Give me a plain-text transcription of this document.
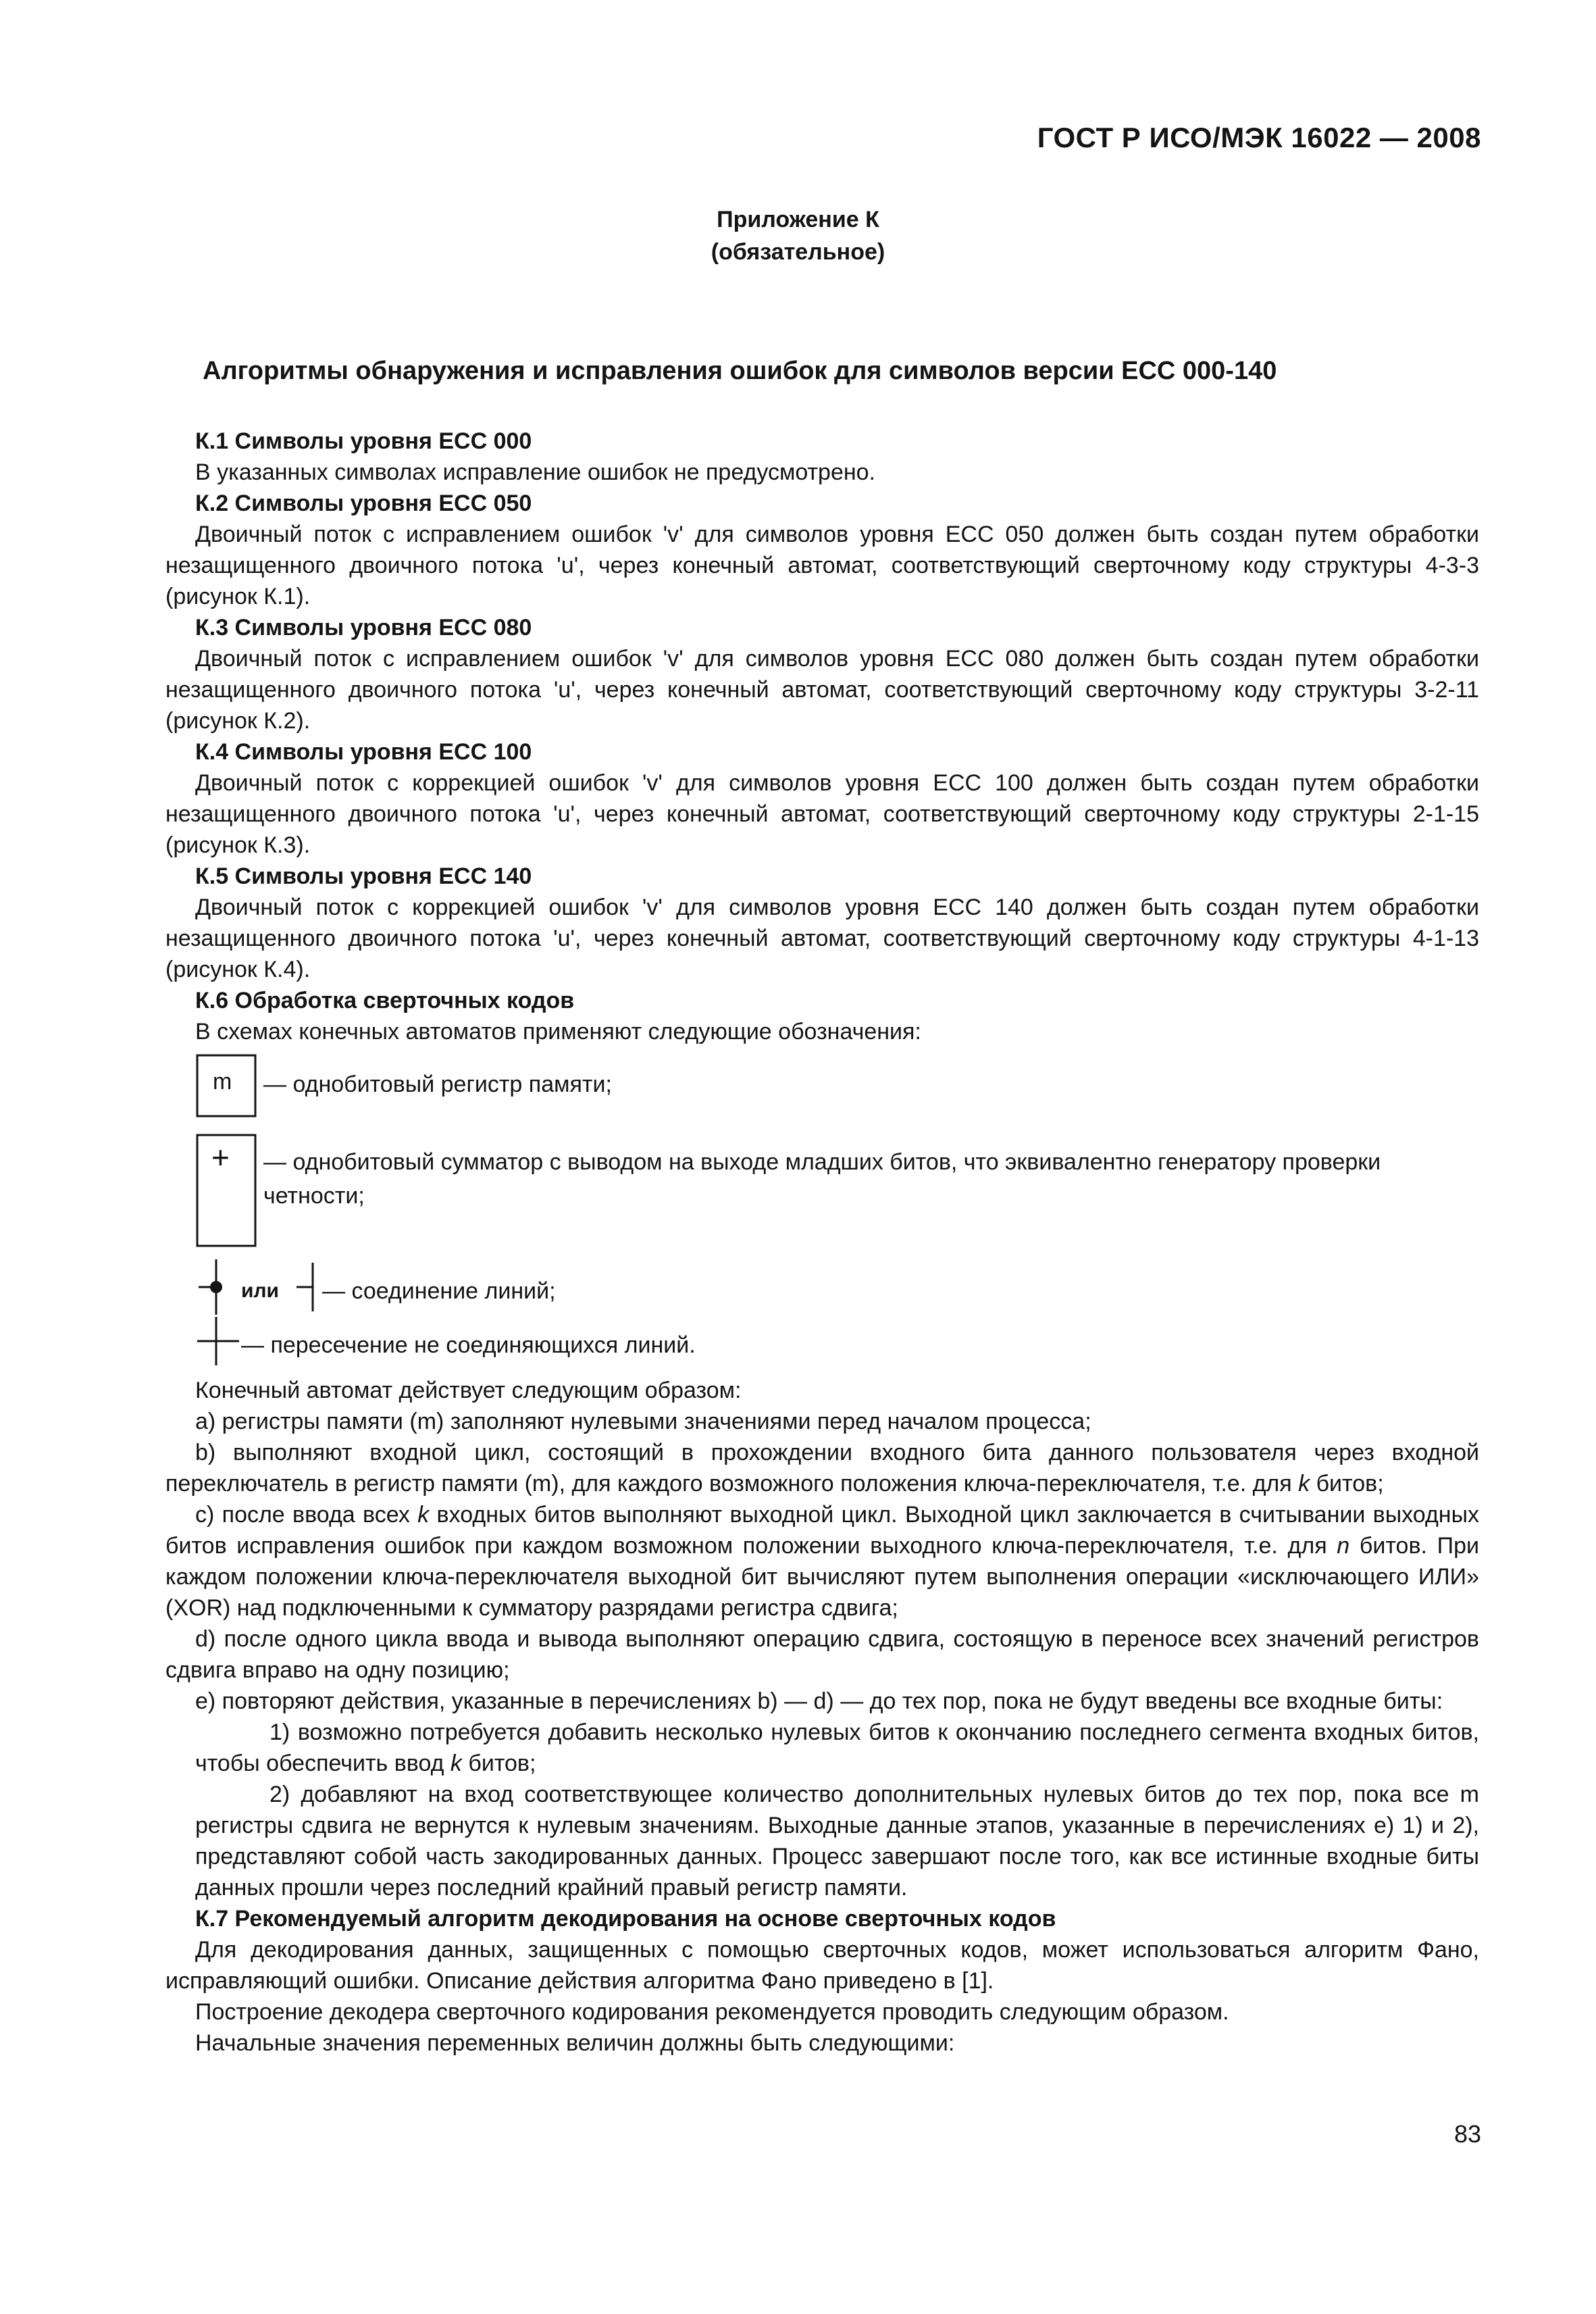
ГОСТ Р ИСО/МЭК 16022 — 2008
Приложение К
(обязательное)
Алгоритмы обнаружения и исправления ошибок для символов версии ECC 000-140

К.1 Символы уровня ЕСС 000

В указанных символах исправление ошибок не предусмотрено.

К.2 Символы уровня ЕСС 050

Двоичный поток с исправлением ошибок 'v' для символов уровня ЕСС 050 должен быть создан путем обработки незащищенного двоичного потока 'u', через конечный автомат, соответствующий сверточному коду структуры 4-3-3 (рисунок К.1).

К.3 Символы уровня ЕСС 080

Двоичный поток с исправлением ошибок 'v' для символов уровня ЕСС 080 должен быть создан путем обработки незащищенного двоичного потока 'u', через конечный автомат, соответствующий сверточному коду структуры 3-2-11 (рисунок К.2).

К.4 Символы уровня ЕСС 100

Двоичный поток с коррекцией ошибок 'v' для символов уровня ЕСС 100 должен быть создан путем обработки незащищенного двоичного потока 'u', через конечный автомат, соответствующий сверточному коду структуры 2-1-15 (рисунок К.3).

К.5 Символы уровня ЕСС 140

Двоичный поток с коррекцией ошибок 'v' для символов уровня ЕСС 140 должен быть создан путем обработки незащищенного двоичного потока 'u', через конечный автомат, соответствующий сверточному коду структуры 4-1-13 (рисунок К.4).

К.6 Обработка сверточных кодов

В схемах конечных автоматов применяют следующие обозначения:

m — однобитовый регистр памяти;
+ — однобитовый сумматор с выводом на выходе младших битов, что эквивалентно генератору проверки четности;
или — соединение линий;
— пересечение не соединяющихся линий.

Конечный автомат действует следующим образом:

a) регистры памяти (m) заполняют нулевыми значениями перед началом процесса;

b) выполняют входной цикл, состоящий в прохождении входного бита данного пользователя через входной переключатель в регистр памяти (m), для каждого возможного положения ключа-переключателя, т.е. для k битов;

c) после ввода всех k входных битов выполняют выходной цикл. Выходной цикл заключается в считывании выходных битов исправления ошибок при каждом возможном положении выходного ключа-переключателя, т.е. для n битов. При каждом положении ключа-переключателя выходной бит вычисляют путем выполнения операции «исключающего ИЛИ» (XOR) над подключенными к сумматору разрядами регистра сдвига;

d) после одного цикла ввода и вывода выполняют операцию сдвига, состоящую в переносе всех значений регистров сдвига вправо на одну позицию;

e) повторяют действия, указанные в перечислениях b) — d) — до тех пор, пока не будут введены все входные биты:

1) возможно потребуется добавить несколько нулевых битов к окончанию последнего сегмента входных битов, чтобы обеспечить ввод k битов;

2) добавляют на вход соответствующее количество дополнительных нулевых битов до тех пор, пока все m регистры сдвига не вернутся к нулевым значениям. Выходные данные этапов, указанные в перечислениях е) 1) и 2), представляют собой часть закодированных данных. Процесс завершают после того, как все истинные входные биты данных прошли через последний крайний правый регистр памяти.

К.7 Рекомендуемый алгоритм декодирования на основе сверточных кодов

Для декодирования данных, защищенных с помощью сверточных кодов, может использоваться алгоритм Фано, исправляющий ошибки. Описание действия алгоритма Фано приведено в [1].

Построение декодера сверточного кодирования рекомендуется проводить следующим образом.

Начальные значения переменных величин должны быть следующими:

83
